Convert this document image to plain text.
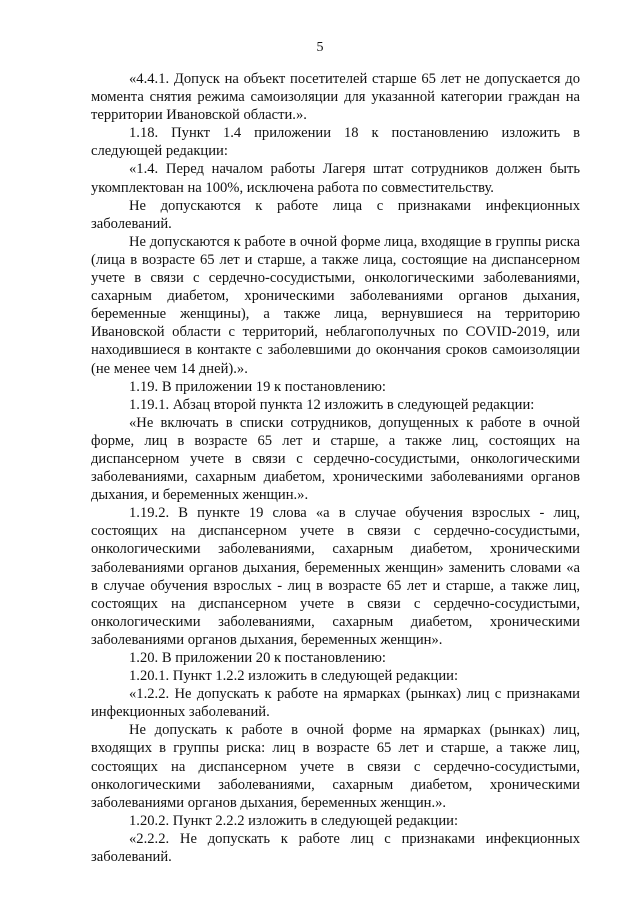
5

«4.4.1. Допуск на объект посетителей старше 65 лет не допускается до момента снятия режима самоизоляции для указанной категории граждан на территории Ивановской области.».

1.18. Пункт 1.4 приложении 18 к постановлению изложить в следующей редакции:

«1.4. Перед началом работы Лагеря штат сотрудников должен быть укомплектован на 100%, исключена работа по совместительству.

Не допускаются к работе лица с признаками инфекционных заболеваний.

Не допускаются к работе в очной форме лица, входящие в группы риска (лица в возрасте 65 лет и старше, а также лица, состоящие на диспансерном учете в связи с сердечно-сосудистыми, онкологическими заболеваниями, сахарным диабетом, хроническими заболеваниями органов дыхания, беременные женщины), а также лица, вернувшиеся на территорию Ивановской области с территорий, неблагополучных по COVID-2019, или находившиеся в контакте с заболевшими до окончания сроков самоизоляции (не менее чем 14 дней).».

1.19. В приложении 19 к постановлению:

1.19.1. Абзац второй пункта 12 изложить в следующей редакции:

«Не включать в списки сотрудников, допущенных к работе в очной форме, лиц в возрасте 65 лет и старше, а также лиц, состоящих на диспансерном учете в связи с сердечно-сосудистыми, онкологическими заболеваниями, сахарным диабетом, хроническими заболеваниями органов дыхания, и беременных женщин.».

1.19.2. В пункте 19 слова «а в случае обучения взрослых - лиц, состоящих на диспансерном учете в связи с сердечно-сосудистыми, онкологическими заболеваниями, сахарным диабетом, хроническими заболеваниями органов дыхания, беременных женщин» заменить словами «а в случае обучения взрослых - лиц в возрасте 65 лет и старше, а также лиц, состоящих на диспансерном учете в связи с сердечно-сосудистыми, онкологическими заболеваниями, сахарным диабетом, хроническими заболеваниями органов дыхания, беременных женщин».

1.20. В приложении 20 к постановлению:

1.20.1. Пункт 1.2.2 изложить в следующей редакции:

«1.2.2. Не допускать к работе на ярмарках (рынках) лиц с признаками инфекционных заболеваний.

Не допускать к работе в очной форме на ярмарках (рынках) лиц, входящих в группы риска: лиц в возрасте 65 лет и старше, а также лиц, состоящих на диспансерном учете в связи с сердечно-сосудистыми, онкологическими заболеваниями, сахарным диабетом, хроническими заболеваниями органов дыхания, беременных женщин.».

1.20.2. Пункт 2.2.2 изложить в следующей редакции:

«2.2.2. Не допускать к работе лиц с признаками инфекционных заболеваний.
